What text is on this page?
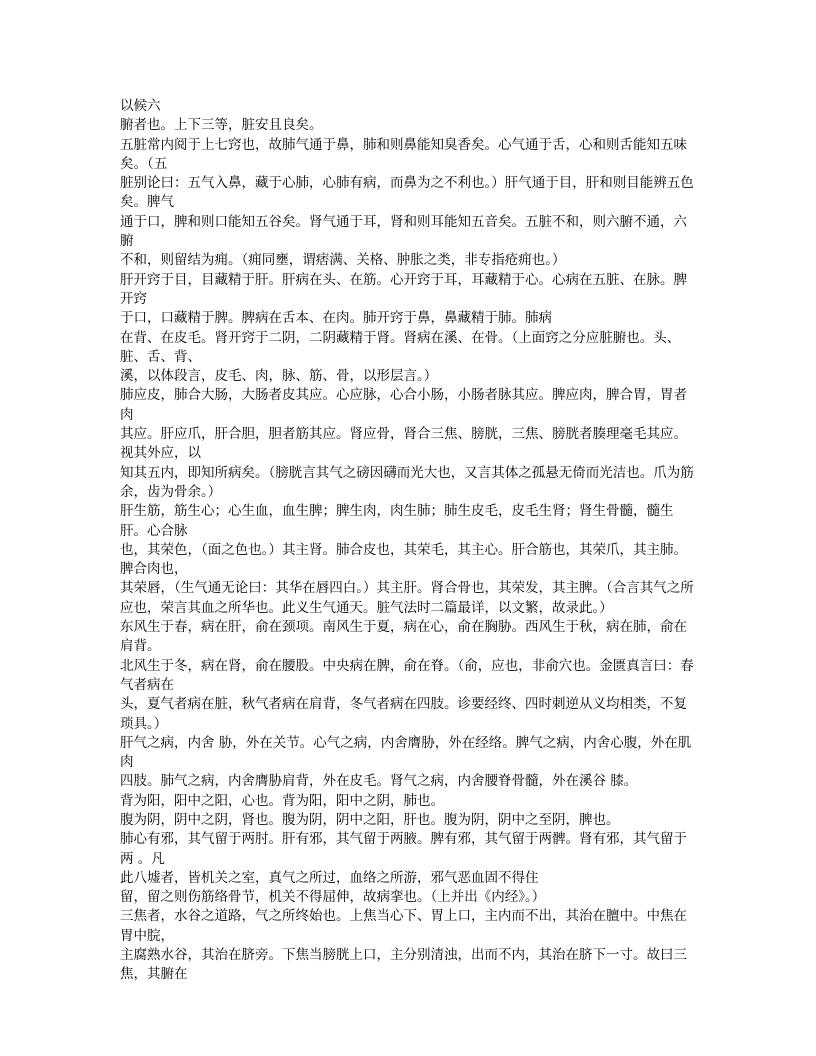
以候六

腑者也。上下三等，脏安且良矣。

五脏常内阅于上七窍也，故肺气通于鼻，肺和则鼻能知臭香矣。心气通于舌，心和则舌能知五味矣。（五

脏别论曰：五气入鼻，藏于心肺，心肺有病，而鼻为之不利也。）肝气通于目，肝和则目能辨五色矣。脾气

通于口，脾和则口能知五谷矣。肾气通于耳，肾和则耳能知五音矣。五脏不和，则六腑不通，六腑

不和，则留结为痈。（痈同壅，谓痞满、关格、肿胀之类，非专指疮痈也。）

肝开窍于目，目藏精于肝。肝病在头、在筋。心开窍于耳，耳藏精于心。心病在五脏、在脉。脾开窍

于口，口藏精于脾。脾病在舌本、在肉。肺开窍于鼻，鼻藏精于肺。肺病

在背、在皮毛。肾开窍于二阴，二阴藏精于肾。肾病在溪、在骨。（上面窍之分应脏腑也。头、脏、舌、背、

溪，以体段言，皮毛、肉，脉、筋、骨，以形层言。）

肺应皮，肺合大肠，大肠者皮其应。心应脉，心合小肠，小肠者脉其应。脾应肉，脾合胃，胃者肉

其应。肝应爪，肝合胆，胆者筋其应。肾应骨，肾合三焦、膀胱，三焦、膀胱者腠理毫毛其应。视其外应，以

知其五内，即知所病矣。（膀胱言其气之磅因礴而光大也，又言其体之孤悬无倚而光洁也。爪为筋余，齿为骨余。）

肝生筋，筋生心；心生血，血生脾；脾生肉，肉生肺；肺生皮毛，皮毛生肾；肾生骨髓，髓生肝。心合脉

也，其荣色，（面之色也。）其主肾。肺合皮也，其荣毛，其主心。肝合筋也，其荣爪，其主肺。脾合肉也，

其荣唇，（生气通无论曰：其华在唇四白。）其主肝。肾合骨也，其荣发，其主脾。（合言其气之所

应也，荣言其血之所华也。此义生气通天。脏气法时二篇最详，以文繁，故录此。）

东风生于春，病在肝，俞在颈项。南风生于夏，病在心，俞在胸胁。西风生于秋，病在肺，俞在肩背。

北风生于冬，病在肾，俞在腰股。中央病在脾，俞在脊。（俞，应也，非俞穴也。金匮真言曰：春气者病在

头，夏气者病在脏，秋气者病在肩背，冬气者病在四肢。诊要经终、四时刺逆从义均相类，不复琐具。）

肝气之病，内舍 胁，外在关节。心气之病，内舍膺胁，外在经络。脾气之病，内舍心腹，外在肌肉

四肢。肺气之病，内舍膺胁肩背，外在皮毛。肾气之病，内舍腰脊骨髓，外在溪谷 膝。

背为阳，阳中之阳，心也。背为阳，阳中之阴，肺也。

腹为阴，阴中之阴，肾也。腹为阴，阴中之阳，肝也。腹为阴，阴中之至阴，脾也。

肺心有邪，其气留于两肘。肝有邪，其气留于两腋。脾有邪，其气留于两髀。肾有邪，其气留于两 。凡

此八墟者，皆机关之室，真气之所过，血络之所游，邪气恶血固不得住

留，留之则伤筋络骨节，机关不得屈伸，故病挛也。（上并出《内经》。）

三焦者，水谷之道路，气之所终始也。上焦当心下、胃上口，主内而不出，其治在膻中。中焦在胃中脘，

主腐熟水谷，其治在脐旁。下焦当膀胱上口，主分别清浊，出而不内，其治在脐下一寸。故曰三焦，其腑在
